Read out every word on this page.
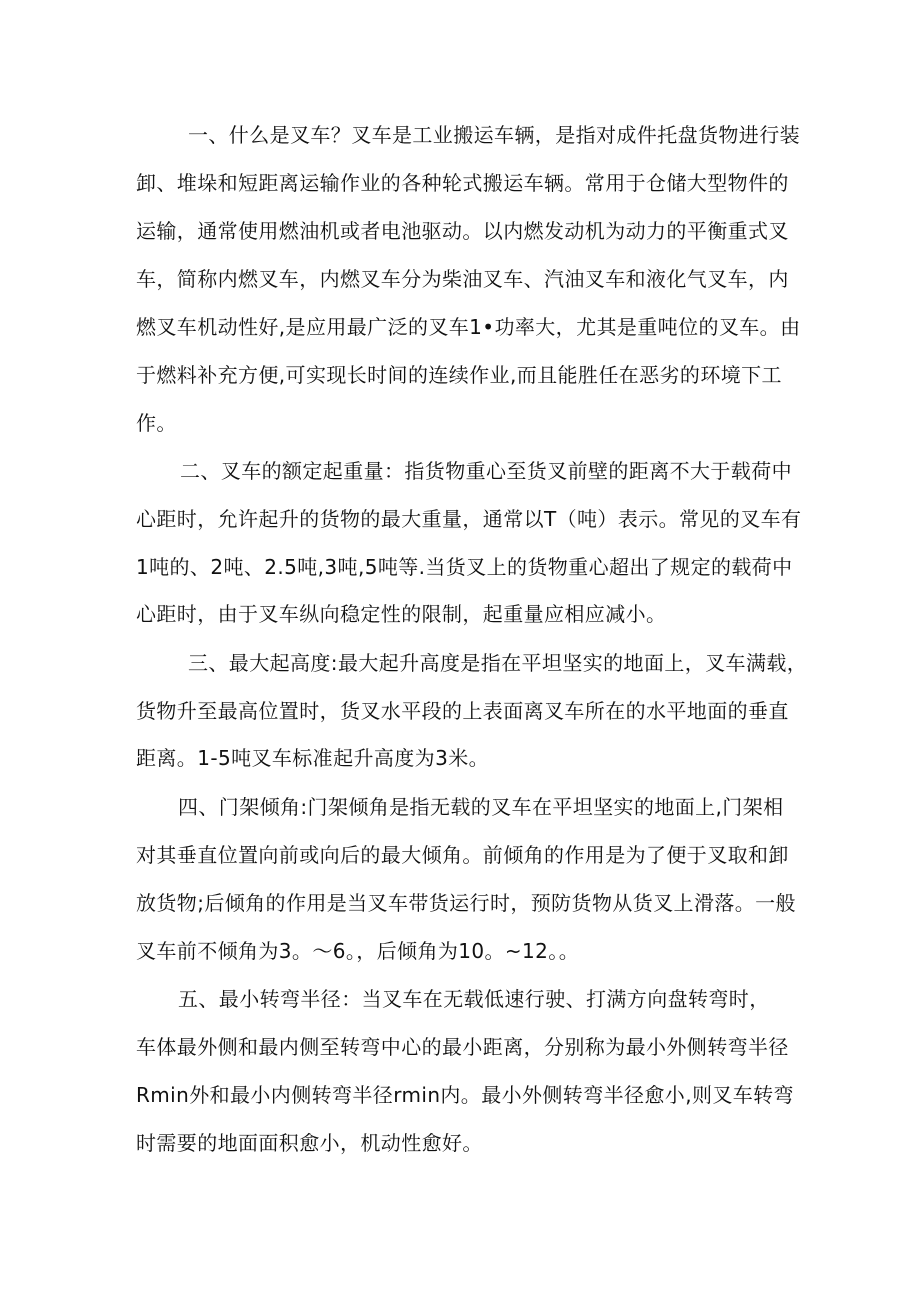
一、什么是叉车？叉车是工业搬运车辆，是指对成件托盘货物进行装
卸、堆垛和短距离运输作业的各种轮式搬运车辆。常用于仓储大型物件的
运输，通常使用燃油机或者电池驱动。以内燃发动机为动力的平衡重式叉
车，简称内燃叉车，内燃叉车分为柴油叉车、汽油叉车和液化气叉车，内
燃叉车机动性好,是应用最广泛的叉车1•功率大，尤其是重吨位的叉车。由
于燃料补充方便,可实现长时间的连续作业,而且能胜任在恶劣的环境下工
作。
二、叉车的额定起重量：指货物重心至货叉前壁的距离不大于载荷中
心距时，允许起升的货物的最大重量，通常以T（吨）表示。常见的叉车有
1吨的、2吨、2.5吨,3吨,5吨等.当货叉上的货物重心超出了规定的载荷中
心距时，由于叉车纵向稳定性的限制，起重量应相应减小。
三、最大起高度:最大起升高度是指在平坦坚实的地面上，叉车满载，
货物升至最高位置时，货叉水平段的上表面离叉车所在的水平地面的垂直
距离。1-5吨叉车标准起升高度为3米。
四、门架倾角:门架倾角是指无载的叉车在平坦坚实的地面上,门架相
对其垂直位置向前或向后的最大倾角。前倾角的作用是为了便于叉取和卸
放货物;后倾角的作用是当叉车带货运行时，预防货物从货叉上滑落。一般
叉车前不倾角为3。～6。，后倾角为10。~12。。
五、最小转弯半径：当叉车在无载低速行驶、打满方向盘转弯时，
车体最外侧和最内侧至转弯中心的最小距离，分别称为最小外侧转弯半径
Rmin外和最小内侧转弯半径rmin内。最小外侧转弯半径愈小,则叉车转弯
时需要的地面面积愈小，机动性愈好。
